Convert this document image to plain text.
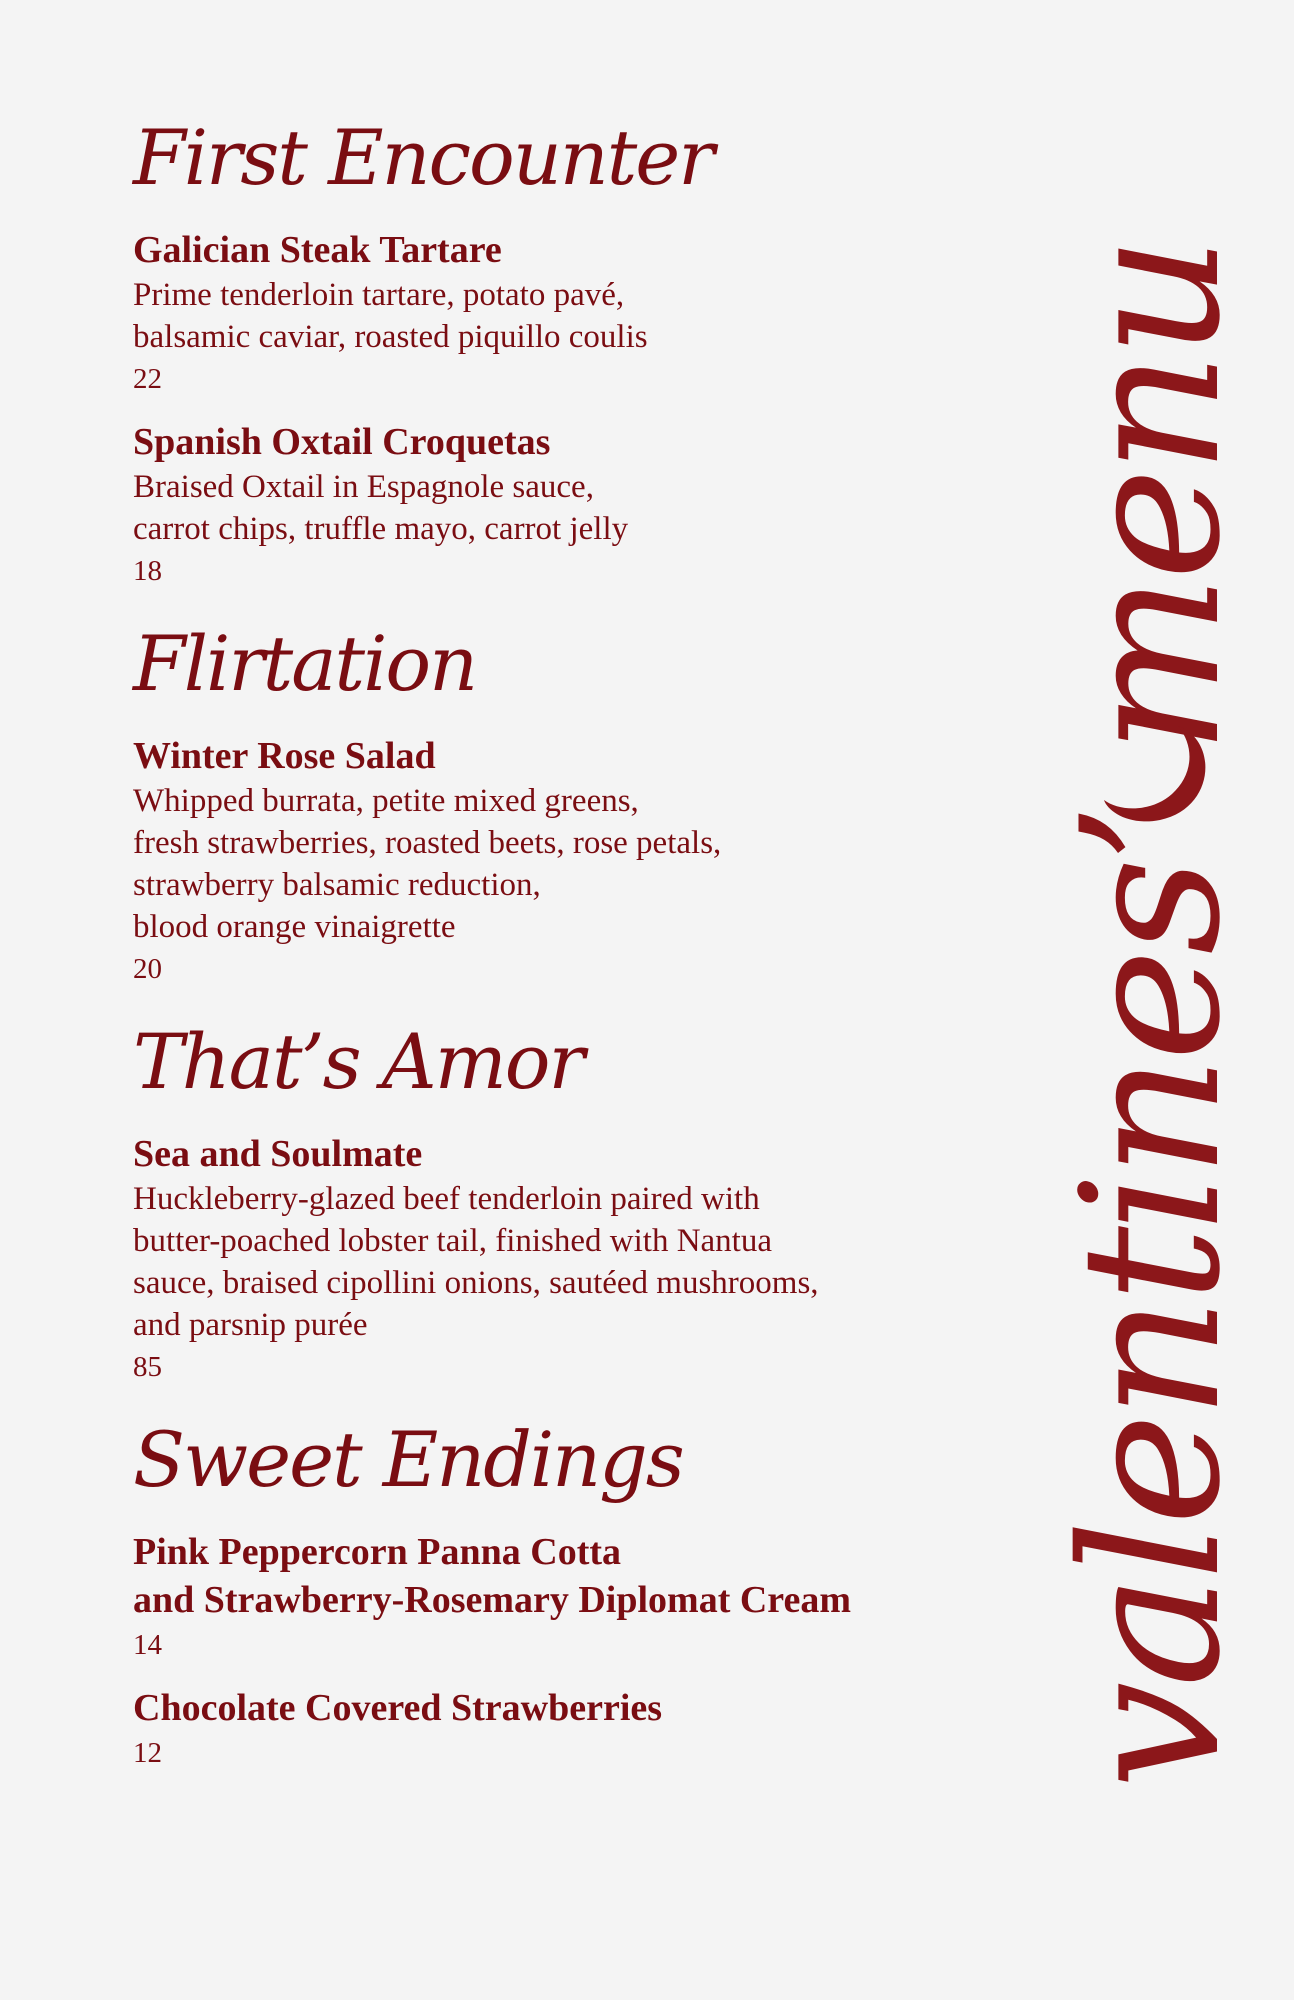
First Encounter

Galician Steak Tartare

Prime tenderloin tartare, potato pavé,
balsamic caviar, roasted piquillo coulis

22

Spanish Oxtail Croquetas

Braised Oxtail in Espagnole sauce,
carrot chips, truffle mayo, carrot jelly

18

Flirtation

Winter Rose Salad

Whipped burrata, petite mixed greens,
fresh strawberries, roasted beets, rose petals,
strawberry balsamic reduction,
blood orange vinaigrette

20

That’s Amor

Sea and Soulmate

Huckleberry-glazed beef tenderloin paired with
butter-poached lobster tail, finished with Nantua
sauce, braised cipollini onions, sautéed mushrooms,
and parsnip purée

85

Sweet Endings

Pink Peppercorn Panna Cotta
and Strawberry-Rosemary Diplomat Cream

14

Chocolate Covered Strawberries

12	valentines’ menu
